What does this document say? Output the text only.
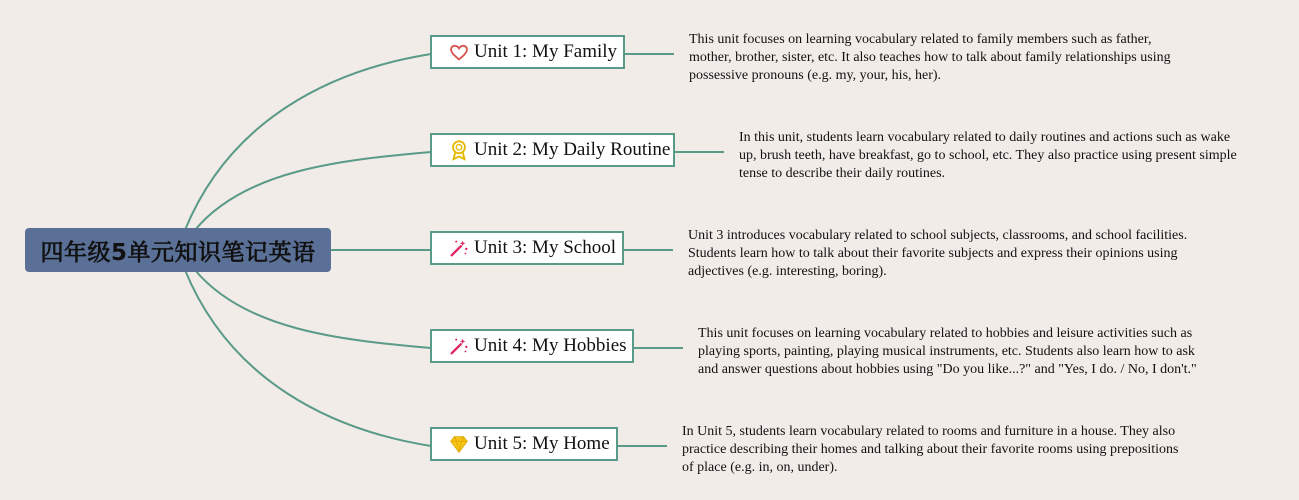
四年级5单元知识笔记英语
Unit 1: My Family
This unit focuses on learning vocabulary related to family members such as father, mother, brother, sister, etc. It also teaches how to talk about family relationships using possessive pronouns (e.g. my, your, his, her).
Unit 2: My Daily Routine
In this unit, students learn vocabulary related to daily routines and actions such as wake up, brush teeth, have breakfast, go to school, etc. They also practice using present simple tense to describe their daily routines.
Unit 3: My School
Unit 3 introduces vocabulary related to school subjects, classrooms, and school facilities. Students learn how to talk about their favorite subjects and express their opinions using adjectives (e.g. interesting, boring).
Unit 4: My Hobbies
This unit focuses on learning vocabulary related to hobbies and leisure activities such as playing sports, painting, playing musical instruments, etc. Students also learn how to ask and answer questions about hobbies using "Do you like...?" and "Yes, I do. / No, I don't."
Unit 5: My Home
In Unit 5, students learn vocabulary related to rooms and furniture in a house. They also practice describing their homes and talking about their favorite rooms using prepositions of place (e.g. in, on, under).
